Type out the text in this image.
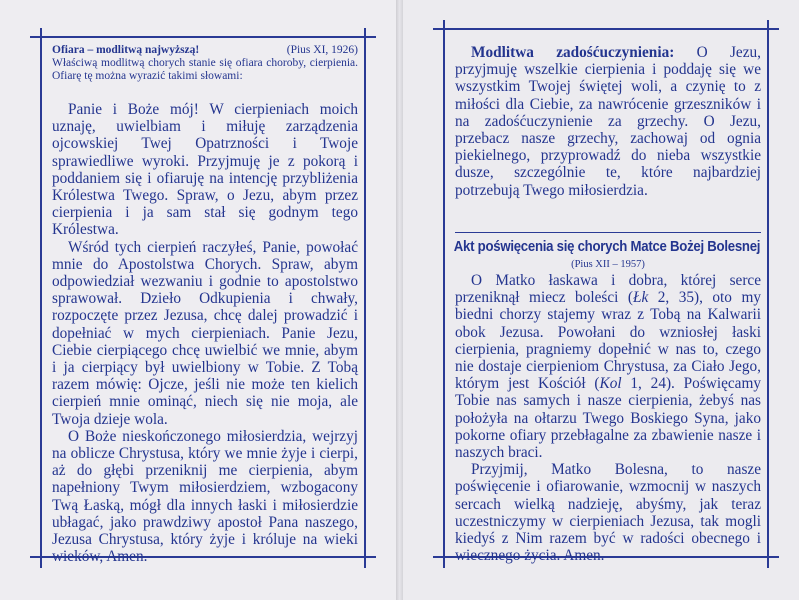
Ofiara – modlitwą najwyższą!	(Pius XI, 1926)

Właściwą modlitwą chorych stanie się ofiara choroby, cierpienia. Ofiarę tę można wyrazić takimi słowami:

Panie i Boże mój! W cierpieniach moich uznaję, uwielbiam i miłuję zarządzenia ojcowskiej Twej Opatrzności i Twoje sprawiedliwe wyroki. Przyjmuję je z pokorą i poddaniem się i ofiaruję na intencję przybliżenia Królestwa Twego. Spraw, o Jezu, abym przez cierpienia i ja sam stał się godnym tego Królestwa.

Wśród tych cierpień raczyłeś, Panie, powołać mnie do Apostolstwa Chorych. Spraw, abym odpowiedział wezwaniu i godnie to apostolstwo sprawował. Dzieło Odkupienia i chwały, rozpoczęte przez Jezusa, chcę dalej prowadzić i dopełniać w mych cierpieniach. Panie Jezu, Ciebie cierpiącego chcę uwielbić we mnie, abym i ja cierpiący był uwielbiony w Tobie. Z Tobą razem mówię: Ojcze, jeśli nie może ten kielich cierpień mnie ominąć, niech się nie moja, ale Twoja dzieje wola.

O Boże nieskończonego miłosierdzia, wejrzyj na oblicze Chrystusa, który we mnie żyje i cierpi, aż do głębi przeniknij me cierpienia, abym napełniony Twym miłosierdziem, wzbogacony Twą Łaską, mógł dla innych łaski i miłosierdzie ubłagać, jako prawdziwy apostoł Pana naszego, Jezusa Chrystusa, który żyje i króluje na wieki wieków, Amen.

Modlitwa zadośćuczynienia: O Jezu, przyjmuję wszelkie cierpienia i poddaję się we wszystkim Twojej świętej woli, a czynię to z miłości dla Ciebie, za nawrócenie grzeszników i na zadośćuczynienie za grzechy. O Jezu, przebacz nasze grzechy, zachowaj od ognia piekielnego, przyprowadź do nieba wszystkie dusze, szczególnie te, które najbardziej potrzebują Twego miłosierdzia.

Akt poświęcenia się chorych Matce Bożej Bolesnej
(Pius XII – 1957)

O Matko łaskawa i dobra, której serce przeniknął miecz boleści (Łk 2, 35), oto my biedni chorzy stajemy wraz z Tobą na Kalwarii obok Jezusa. Powołani do wzniosłej łaski cierpienia, pragniemy dopełnić w nas to, czego nie dostaje cierpieniom Chrystusa, za Ciało Jego, którym jest Kościół (Kol 1, 24). Poświęcamy Tobie nas samych i nasze cierpienia, żebyś nas położyła na ołtarzu Twego Boskiego Syna, jako pokorne ofiary przebłagalne za zbawienie nasze i naszych braci.

Przyjmij, Matko Bolesna, to nasze poświęcenie i ofiarowanie, wzmocnij w naszych sercach wielką nadzieję, abyśmy, jak teraz uczestniczymy w cierpieniach Jezusa, tak mogli kiedyś z Nim razem być w radości obecnego i wiecznego życia. Amen.
